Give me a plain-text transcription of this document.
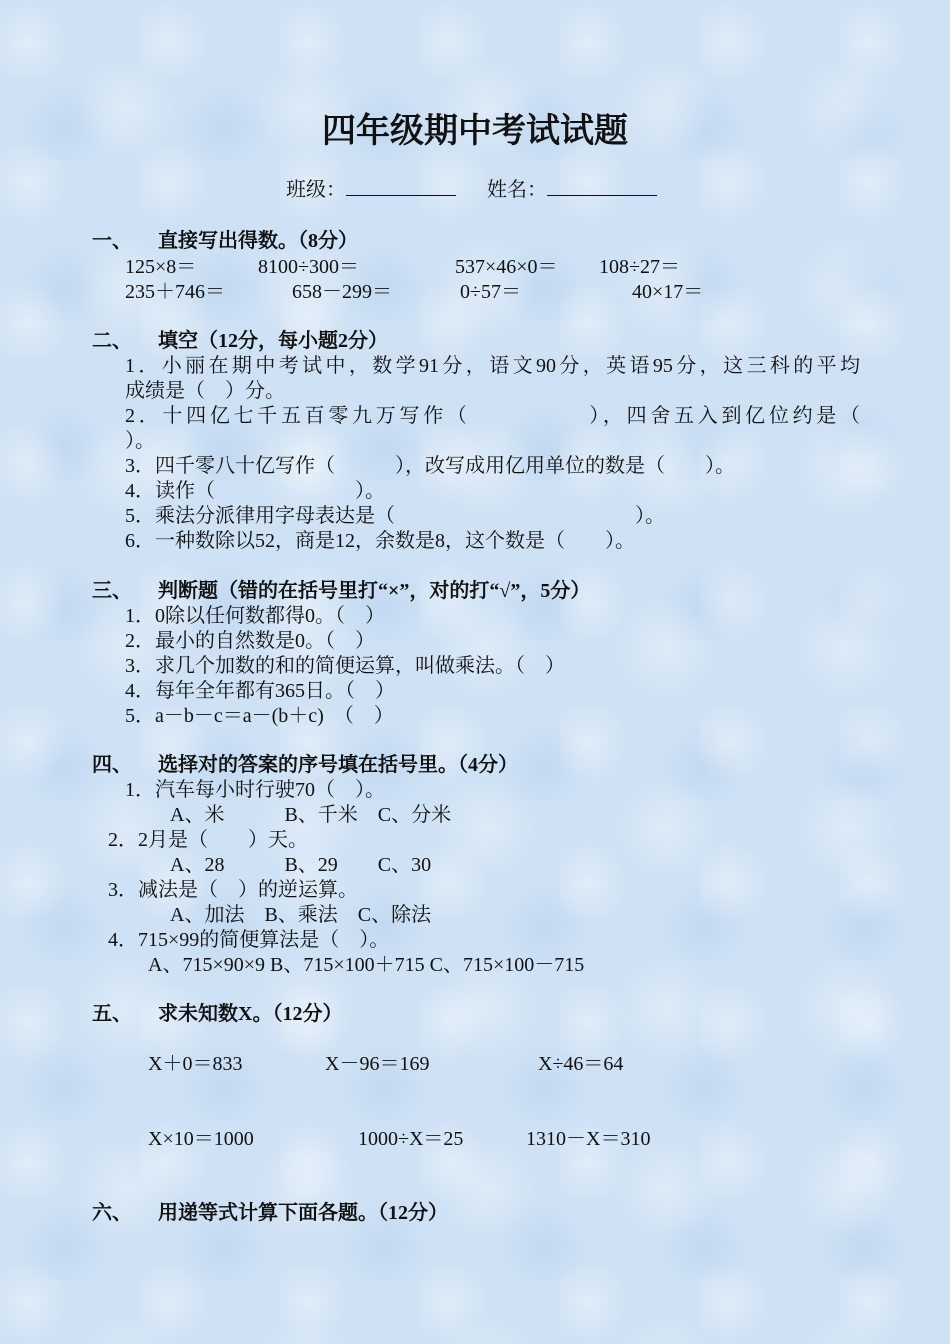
四年级期中考试试题
班级：	姓名：
一、 直接写出得数。（8分）
125×8＝	8100÷300＝	537×46×0＝ 108÷27＝
235＋746＝	658－299＝	0÷57＝	40×17＝
二、 填空（12分，每小题2分）
1．小丽在期中考试中，数学91分，语文90分，英语95分，这三科的平均
成绩是（　）分。
2．十四亿七千五百零九万写作（　　　　　），四舍五入到亿位约是（
）。
3．四千零八十亿写作（　　　），改写成用亿用单位的数是（　　）。
4．读作（　　　　　　　）。
5．乘法分派律用字母表达是（　　　　　　　　　　　　）。
6．一种数除以52，商是12，余数是8，这个数是（　　）。
三、 判断题（错的在括号里打“×”，对的打“√”，5分）
1．0除以任何数都得0。（　）
2．最小的自然数是0。（　）
3．求几个加数的和的简便运算，叫做乘法。（　）
4．每年全年都有365日。（　）
5．a－b－c＝a－(b＋c)　（　）
四、 选择对的答案的序号填在括号里。（4分）
1．汽车每小时行驶70（　）。
A、米　　　B、千米　C、分米
2．2月是（　　）天。
A、28　　　B、29　　C、30
3．减法是（　）的逆运算。
A、加法　B、乘法　C、除法
4．715×99的简便算法是（　）。
A、715×90×9 B、715×100＋715 C、715×100－715
五、 求未知数X。（12分）
X＋0＝833	X－96＝169	X÷46＝64
X×10＝1000	1000÷X＝25	1310－X＝310
六、 用递等式计算下面各题。（12分）
